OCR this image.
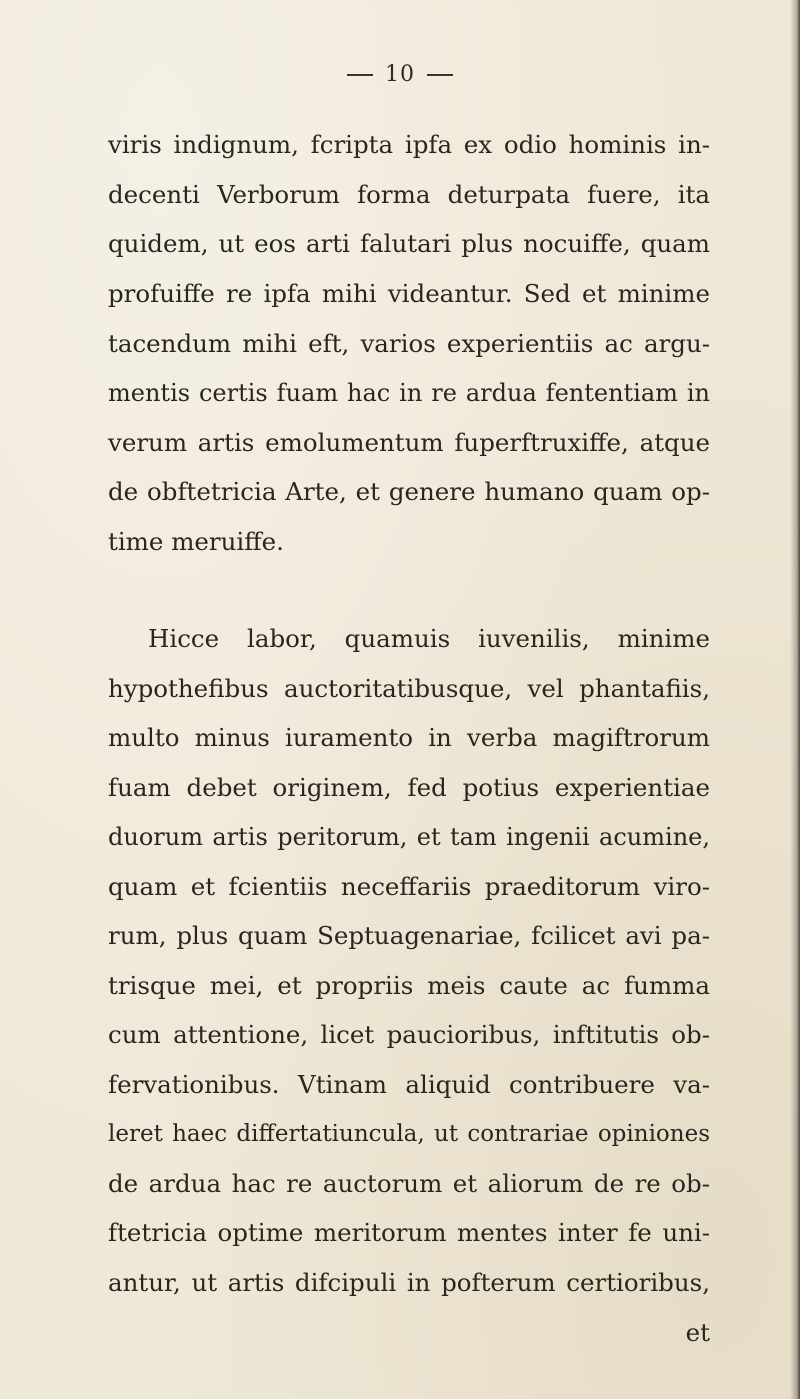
10
viris indignum, fcripta ipfa ex odio hominis in-
decenti Verborum forma deturpata fuere, ita
quidem, ut eos arti falutari plus nocuiffe, quam
profuiffe re ipfa mihi videantur. Sed et minime
tacendum mihi eft, varios experientiis ac argu-
mentis certis fuam hac in re ardua fententiam in
verum artis emolumentum fuperftruxiffe, atque
de obftetricia Arte, et genere humano quam op-
time meruiffe.
Hicce labor, quamuis iuvenilis, minime
hypothefibus auctoritatibusque, vel phantafiis,
multo minus iuramento in verba magiftrorum
fuam debet originem, fed potius experientiae
duorum artis peritorum, et tam ingenii acumine,
quam et fcientiis neceffariis praeditorum viro-
rum, plus quam Septuagenariae, fcilicet avi pa-
trisque mei, et propriis meis caute ac fumma
cum attentione, licet paucioribus, inftitutis ob-
fervationibus. Vtinam aliquid contribuere va-
leret haec differtatiuncula, ut contrariae opiniones
de ardua hac re auctorum et aliorum de re ob-
ftetricia optime meritorum mentes inter fe uni-
antur, ut artis difcipuli in pofterum certioribus,
et
